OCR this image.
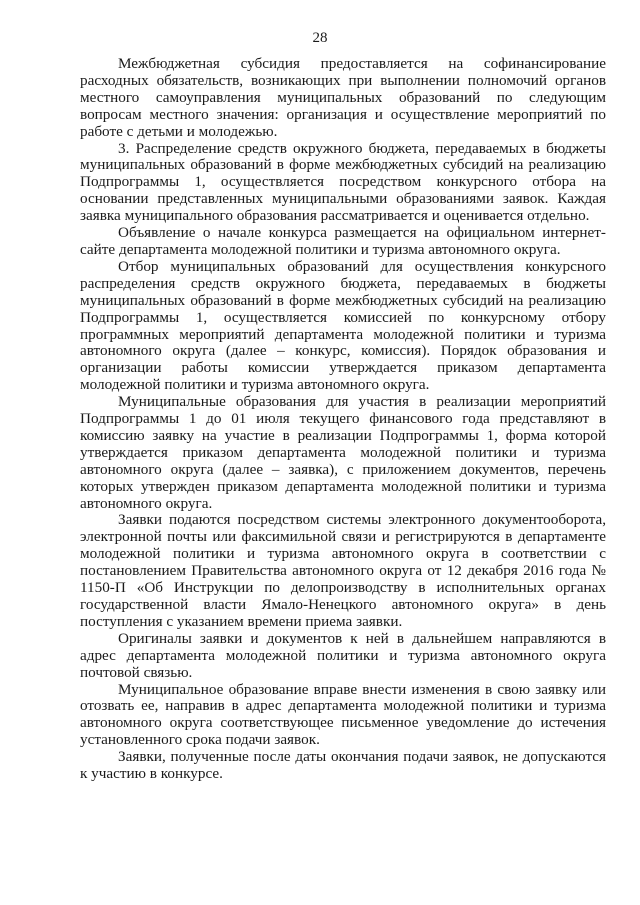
28

Межбюджетная субсидия предоставляется на софинансирование расходных обязательств, возникающих при выполнении полномочий органов местного самоуправления муниципальных образований по следующим вопросам местного значения: организация и осуществление мероприятий по работе с детьми и молодежью.

3. Распределение средств окружного бюджета, передаваемых в бюджеты муниципальных образований в форме межбюджетных субсидий на реализацию Подпрограммы 1, осуществляется посредством конкурсного отбора на основании представленных муниципальными образованиями заявок. Каждая заявка муниципального образования рассматривается и оценивается отдельно.

Объявление о начале конкурса размещается на официальном интернет-сайте департамента молодежной политики и туризма автономного округа.

Отбор муниципальных образований для осуществления конкурсного распределения средств окружного бюджета, передаваемых в бюджеты муниципальных образований в форме межбюджетных субсидий на реализацию Подпрограммы 1, осуществляется комиссией по конкурсному отбору программных мероприятий департамента молодежной политики и туризма автономного округа (далее – конкурс, комиссия). Порядок образования и организации работы комиссии утверждается приказом департамента молодежной политики и туризма автономного округа.

Муниципальные образования для участия в реализации мероприятий Подпрограммы 1 до 01 июля текущего финансового года представляют в комиссию заявку на участие в реализации Подпрограммы 1, форма которой утверждается приказом департамента молодежной политики и туризма автономного округа (далее – заявка), с приложением документов, перечень которых утвержден приказом департамента молодежной политики и туризма автономного округа.

Заявки подаются посредством системы электронного документооборота, электронной почты или факсимильной связи и регистрируются в департаменте молодежной политики и туризма автономного округа в соответствии с постановлением Правительства автономного округа от 12 декабря 2016 года № 1150-П «Об Инструкции по делопроизводству в исполнительных органах государственной власти Ямало-Ненецкого автономного округа» в день поступления с указанием времени приема заявки.

Оригиналы заявки и документов к ней в дальнейшем направляются в адрес департамента молодежной политики и туризма автономного округа почтовой связью.

Муниципальное образование вправе внести изменения в свою заявку или отозвать ее, направив в адрес департамента молодежной политики и туризма автономного округа соответствующее письменное уведомление до истечения установленного срока подачи заявок.

Заявки, полученные после даты окончания подачи заявок, не допускаются к участию в конкурсе.
